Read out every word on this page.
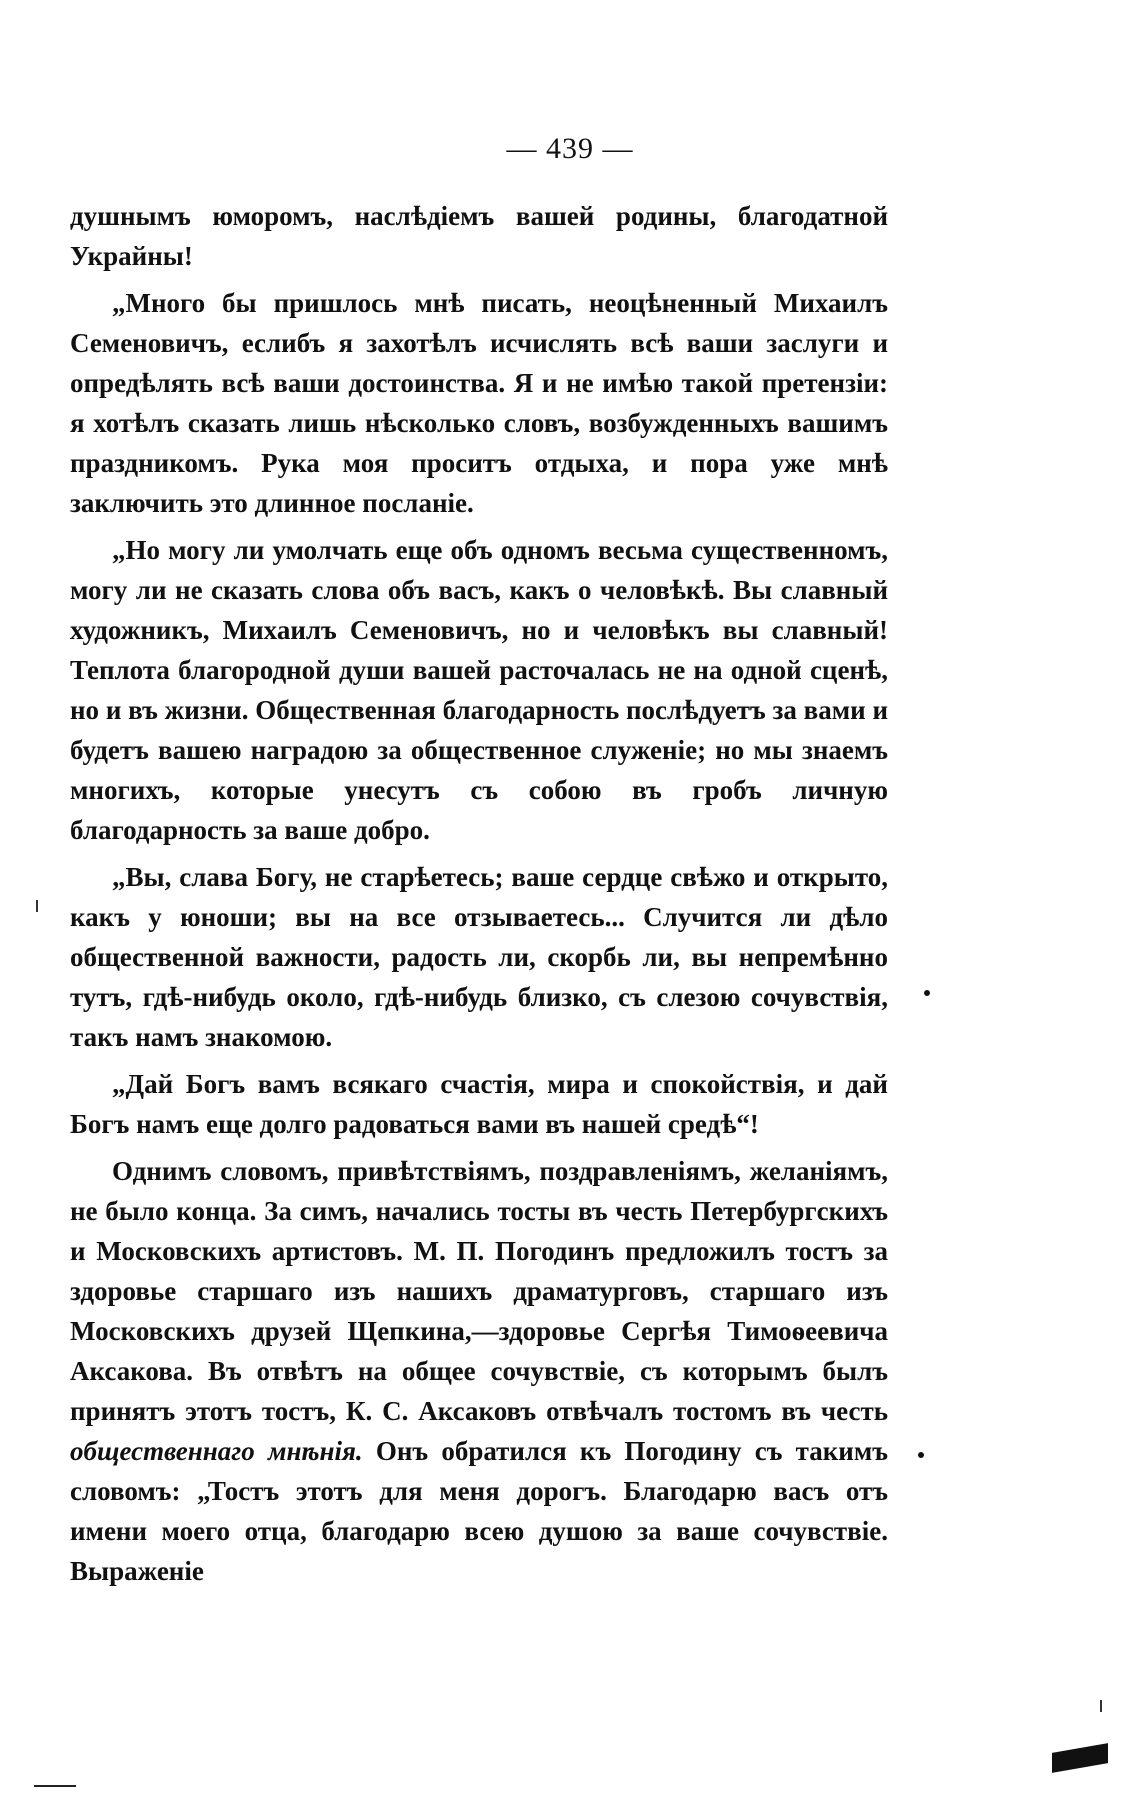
— 439 —

душнымъ юморомъ, наслѣдіемъ вашей родины, благодатной Украйны!

„Много бы пришлось мнѣ писать, неоцѣненный Михаилъ Семеновичъ, еслибъ я захотѣлъ исчислять всѣ ваши заслуги и опредѣлять всѣ ваши достоинства. Я и не имѣю такой претензіи: я хотѣлъ сказать лишь нѣсколько словъ, возбужденныхъ вашимъ праздникомъ. Рука моя проситъ отдыха, и пора уже мнѣ заключить это длинное посланіе.

„Но могу ли умолчать еще объ одномъ весьма существенномъ, могу ли не сказать слова объ васъ, какъ о человѣкѣ. Вы славный художникъ, Михаилъ Семеновичъ, но и человѣкъ вы славный! Теплота благородной души вашей расточалась не на одной сценѣ, но и въ жизни. Общественная благодарность послѣдуетъ за вами и будетъ вашею наградою за общественное служеніе; но мы знаемъ многихъ, которые унесутъ съ собою въ гробъ личную благодарность за ваше добро.

„Вы, слава Богу, не старѣетесь; ваше сердце свѣжо и открыто, какъ у юноши; вы на все отзываетесь... Случится ли дѣло общественной важности, радость ли, скорбь ли, вы непремѣнно тутъ, гдѣ-нибудь около, гдѣ-нибудь близко, съ слезою сочувствія, такъ намъ знакомою.

„Дай Богъ вамъ всякаго счастія, мира и спокойствія, и дай Богъ намъ еще долго радоваться вами въ нашей средѣ“!

Однимъ словомъ, привѣтствіямъ, поздравленіямъ, желаніямъ, не было конца. За симъ, начались тосты въ честь Петербургскихъ и Московскихъ артистовъ. М. П. Погодинъ предложилъ тостъ за здоровье старшаго изъ нашихъ драматурговъ, старшаго изъ Московскихъ друзей Щепкина,—здоровье Сергѣя Тимоѳеевича Аксакова. Въ отвѣтъ на общее сочувствіе, съ которымъ былъ принятъ этотъ тостъ, К. С. Аксаковъ отвѣчалъ тостомъ въ честь общественнаго мнѣнія. Онъ обратился къ Погодину съ такимъ словомъ: „Тостъ этотъ для меня дорогъ. Благодарю васъ отъ имени моего отца, благодарю всею душою за ваше сочувствіе. Выраженіе
